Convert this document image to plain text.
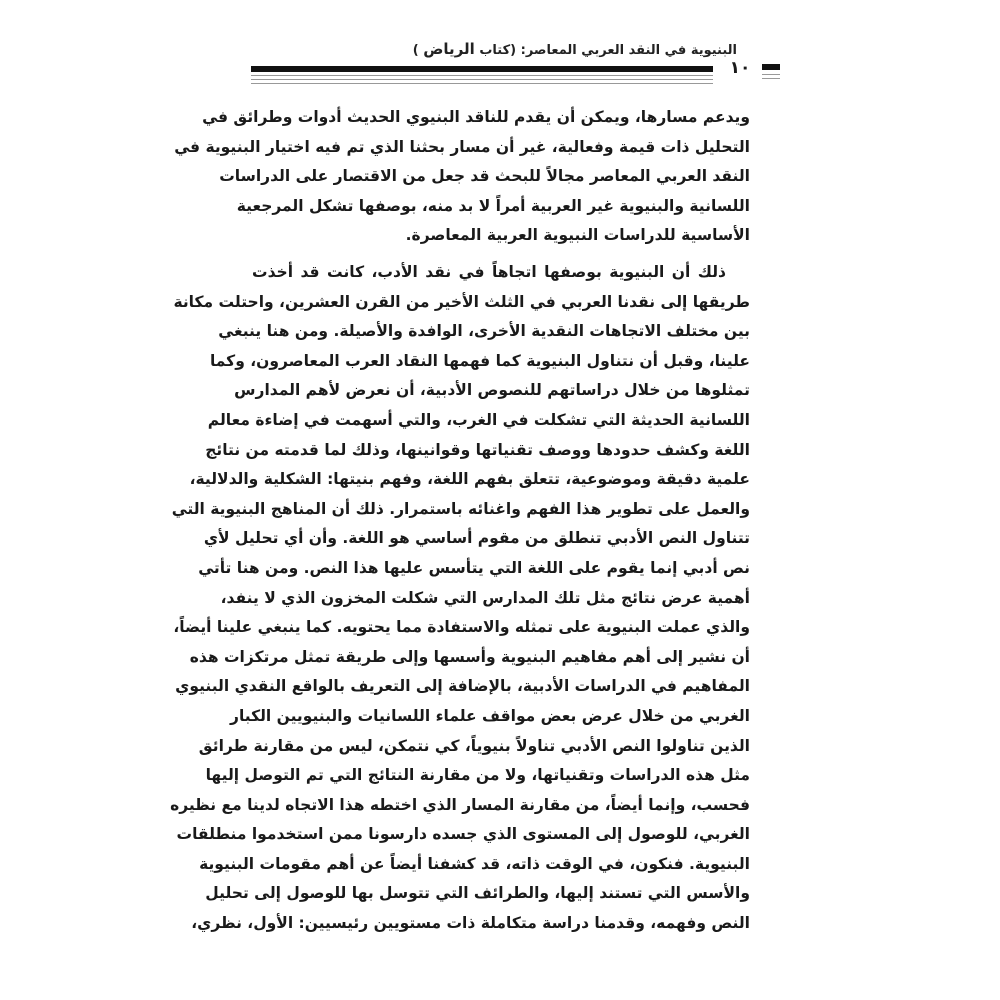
البنيوية في النقد العربي المعاصر: (كتاب الرياض )
١٠
ويدعم مسارها، ويمكن أن يقدم للناقد البنيوي الحديث أدوات وطرائق في
التحليل ذات قيمة وفعالية، غير أن مسار بحثنا الذي تم فيه اختيار البنيوية في
النقد العربي المعاصر مجالاً للبحث قد جعل من الاقتصار على الدراسات
اللسانية والبنيوية غير العربية أمراً لا بد منه، بوصفها تشكل المرجعية
الأساسية للدراسات النبيوية العربية المعاصرة.
ذلك أن البنيوية بوصفها اتجاهاً في نقد الأدب، كانت قد أخذت
طريقها إلى نقدنا العربي في الثلث الأخير من القرن العشرين، واحتلت مكانة
بين مختلف الاتجاهات النقدية الأخرى، الوافدة والأصيلة. ومن هنا ينبغي
علينا، وقبل أن نتناول البنيوية كما فهمها النقاد العرب المعاصرون، وكما
تمثلوها من خلال دراساتهم للنصوص الأدبية، أن نعرض لأهم المدارس
اللسانية الحديثة التي تشكلت في الغرب، والتي أسهمت في إضاءة معالم
اللغة وكشف حدودها ووصف تقنياتها وقوانينها، وذلك لما قدمته من نتائج
علمية دقيقة وموضوعية، تتعلق بفهم اللغة، وفهم بنيتها: الشكلية والدلالية،
والعمل على تطوير هذا الفهم واغنائه باستمرار. ذلك أن المناهج البنيوية التي
تتناول النص الأدبي تنطلق من مقوم أساسي هو اللغة. وأن أي تحليل لأي
نص أدبي إنما يقوم على اللغة التي يتأسس عليها هذا النص. ومن هنا تأتي
أهمية عرض نتائج مثل تلك المدارس التي شكلت المخزون الذي لا ينفد،
والذي عملت البنيوية على تمثله والاستفادة مما يحتويه. كما ينبغي علينا أيضاً،
أن نشير إلى أهم مفاهيم البنيوية وأسسها وإلى طريقة تمثل مرتكزات هذه
المفاهيم في الدراسات الأدبية، بالإضافة إلى التعريف بالواقع النقدي البنيوي
الغربي من خلال عرض بعض مواقف علماء اللسانيات والبنيويين الكبار
الذين تناولوا النص الأدبي تناولاً بنيوياً، كي نتمكن، ليس من مقارنة طرائق
مثل هذه الدراسات وتقنياتها، ولا من مقارنة النتائج التي تم التوصل إليها
فحسب، وإنما أيضاً، من مقارنة المسار الذي اختطه هذا الاتجاه لدينا مع نظيره
الغربي، للوصول إلى المستوى الذي جسده دارسونا ممن استخدموا منطلقات
البنيوية. فنكون، في الوقت ذاته، قد كشفنا أيضاً عن أهم مقومات البنيوية
والأسس التي تستند إليها، والطرائف التي تتوسل بها للوصول إلى تحليل
النص وفهمه، وقدمنا دراسة متكاملة ذات مستويين رئيسيين: الأول، نظري،
